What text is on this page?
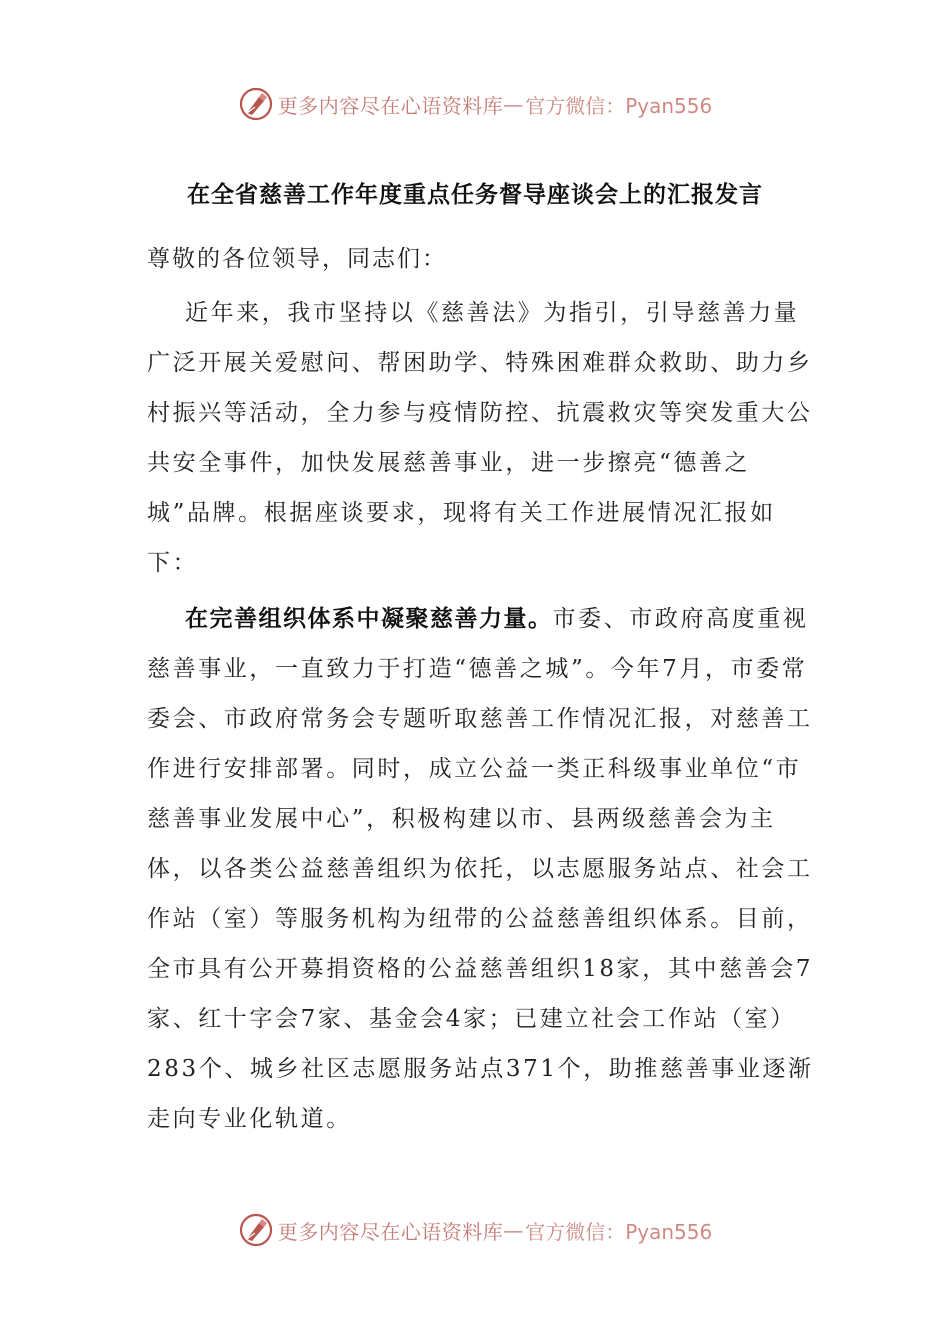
更多内容尽在心语资料库 — 官方微信：Pyan556
在全省慈善工作年度重点任务督导座谈会上的汇报发言

尊敬的各位领导，同志们：

近年来，我市坚持以《慈善法》为指引，引导慈善力量广泛开展关爱慰问、帮困助学、特殊困难群众救助、助力乡村振兴等活动，全力参与疫情防控、抗震救灾等突发重大公共安全事件，加快发展慈善事业，进一步擦亮“德善之城”品牌。根据座谈要求，现将有关工作进展情况汇报如下：

在完善组织体系中凝聚慈善力量。市委、市政府高度重视慈善事业，一直致力于打造“德善之城”。今年7月，市委常委会、市政府常务会专题听取慈善工作情况汇报，对慈善工作进行安排部署。同时，成立公益一类正科级事业单位“市慈善事业发展中心”，积极构建以市、县两级慈善会为主体，以各类公益慈善组织为依托，以志愿服务站点、社会工作站（室）等服务机构为纽带的公益慈善组织体系。目前，全市具有公开募捐资格的公益慈善组织18家，其中慈善会7家、红十字会7家、基金会4家；已建立社会工作站（室）283个、城乡社区志愿服务站点371个，助推慈善事业逐渐走向专业化轨道。

更多内容尽在心语资料库 — 官方微信：Pyan556
